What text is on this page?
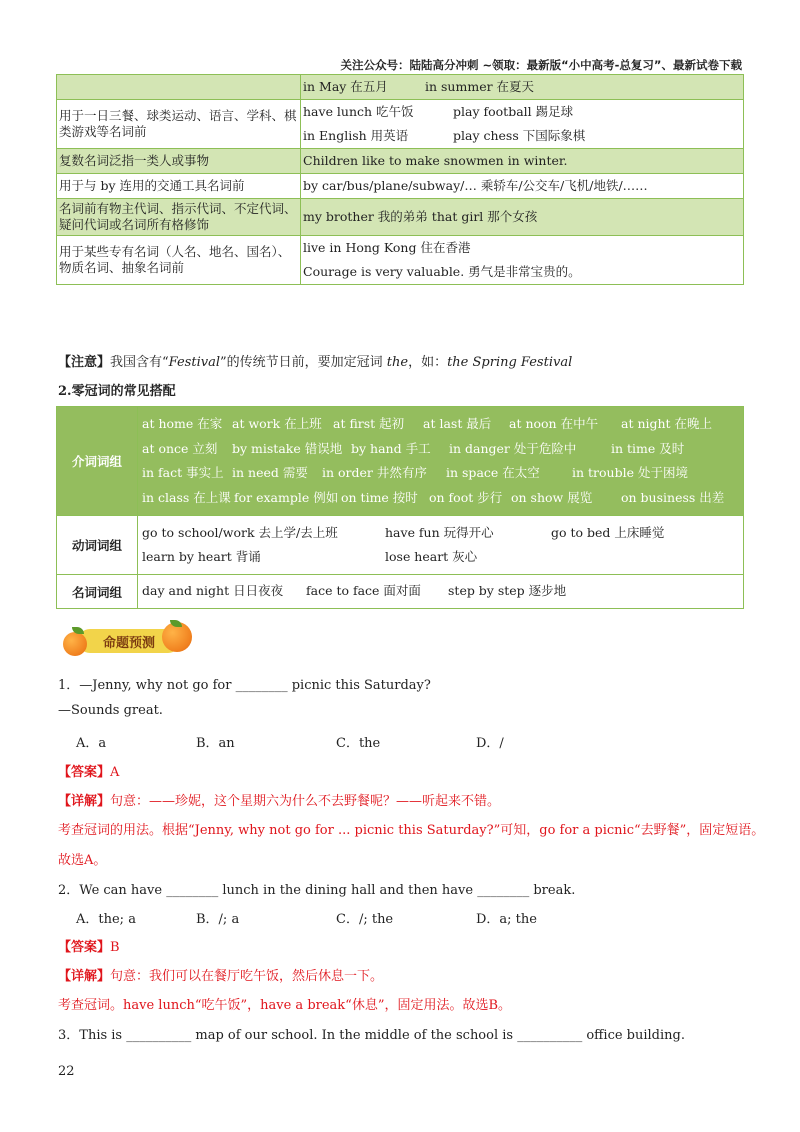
关注公众号：陆陆高分冲刺 ~领取：最新版“小中高考-总复习”、最新试卷下载
	in May 在五月 in summer 在夏天
用于一日三餐、球类运动、语言、学科、棋类游戏等名词前	have lunch 吃午饭 play football 踢足球 in English 用英语 play chess 下国际象棋
复数名词泛指一类人或事物	Children like to make snowmen in winter.
用于与 by 连用的交通工具名词前	by car/bus/plane/subway/… 乘轿车/公交车/飞机/地铁/……
名词前有物主代词、指示代词、不定代词、疑问代词或名词所有格修饰	my brother 我的弟弟 that girl 那个女孩
用于某些专有名词（人名、地名、国名）、物质名词、抽象名词前	live in Hong Kong 住在香港 Courage is very valuable. 勇气是非常宝贵的。
【注意】我国含有“Festival”的传统节日前，要加定冠词 the，如：the Spring Festival
2.零冠词的常见搭配
介词词组	at home 在家 at work 在上班 at first 起初 at last 最后 at noon 在中午 at night 在晚上
at once 立刻 by mistake 错误地 by hand 手工 in danger 处于危险中 in time 及时
in fact 事实上 in need 需要 in order 井然有序 in space 在太空 in trouble 处于困境
in class 在上课 for example 例如 on time 按时 on foot 步行 on show 展览 on business 出差

动词词组	go to school/work 去上学/去上班 have fun 玩得开心 go to bed 上床睡觉
learn by heart 背诵 lose heart 灰心

名词词组	day and night 日日夜夜 face to face 面对面 step by step 逐步地
命题预测
1．—Jenny, why not go for ________ picnic this Saturday?
—Sounds great.
A．a	B．an	C．the	D．/
【答案】A
【详解】句意：——珍妮，这个星期六为什么不去野餐呢？——听起来不错。
考查冠词的用法。根据“Jenny, why not go for ... picnic this Saturday?”可知，go for a picnic“去野餐”，固定短语。
故选A。
2．We can have ________ lunch in the dining hall and then have ________ break.
A．the; a	B．/; a	C．/; the	D．a; the
【答案】B
【详解】句意：我们可以在餐厅吃午饭，然后休息一下。
考查冠词。have lunch“吃午饭”，have a break“休息”，固定用法。故选B。
3．This is __________ map of our school. In the middle of the school is __________ office building.
22
